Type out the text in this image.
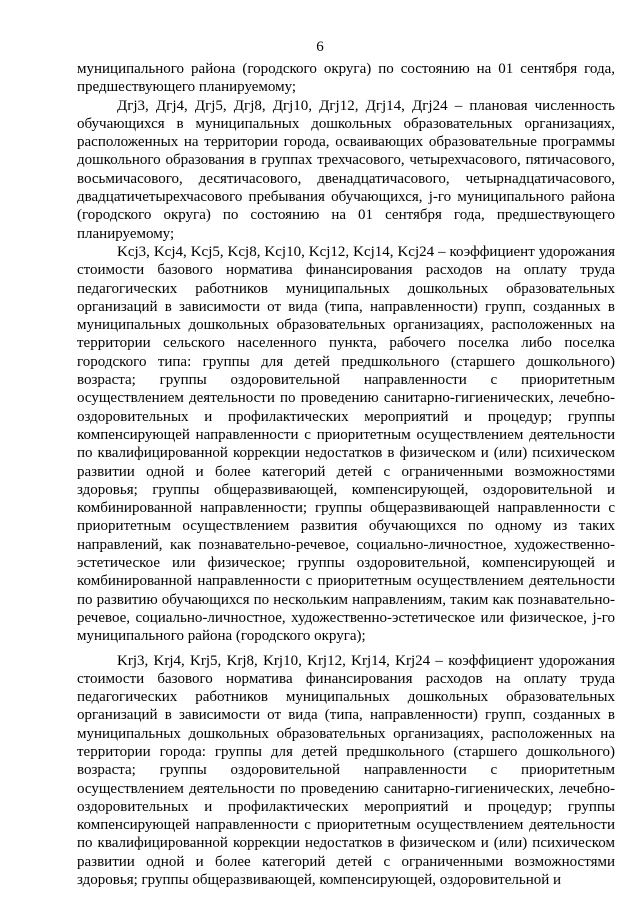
6

муниципального района (городского округа) по состоянию на 01 сентября года, предшествующего планируемому;

Дгj3, Дгj4, Дгj5, Дгj8, Дгj10, Дгj12, Дгj14, Дгj24 – плановая численность обучающихся в муниципальных дошкольных образовательных организациях, расположенных на территории города, осваивающих образовательные программы дошкольного образования в группах трехчасового, четырехчасового, пятичасового, восьмичасового, десятичасового, двенадцатичасового, четырнадцатичасового, двадцатичетырехчасового пребывания обучающихся, j-го муниципального района (городского округа) по состоянию на 01 сентября года, предшествующего планируемому;

Kcj3, Kcj4, Kcj5, Kcj8, Kcj10, Kcj12, Kcj14, Kcj24 – коэффициент удорожания стоимости базового норматива финансирования расходов на оплату труда педагогических работников муниципальных дошкольных образовательных организаций в зависимости от вида (типа, направленности) групп, созданных в муниципальных дошкольных образовательных организациях, расположенных на территории сельского населенного пункта, рабочего поселка либо поселка городского типа: группы для детей предшкольного (старшего дошкольного) возраста; группы оздоровительной направленности с приоритетным осуществлением деятельности по проведению санитарно-гигиенических, лечебно-оздоровительных и профилактических мероприятий и процедур; группы компенсирующей направленности с приоритетным осуществлением деятельности по квалифицированной коррекции недостатков в физическом и (или) психическом развитии одной и более категорий детей с ограниченными возможностями здоровья; группы общеразвивающей, компенсирующей, оздоровительной и комбинированной направленности; группы общеразвивающей направленности с приоритетным осуществлением развития обучающихся по одному из таких направлений, как познавательно-речевое, социально-личностное, художественно-эстетическое или физическое; группы оздоровительной, компенсирующей и комбинированной направленности с приоритетным осуществлением деятельности по развитию обучающихся по нескольким направлениям, таким как познавательно-речевое, социально-личностное, художественно-эстетическое или физическое, j-го муниципального района (городского округа);

Krj3, Krj4, Krj5, Krj8, Krj10, Krj12, Krj14, Krj24 – коэффициент удорожания стоимости базового норматива финансирования расходов на оплату труда педагогических работников муниципальных дошкольных образовательных организаций в зависимости от вида (типа, направленности) групп, созданных в муниципальных дошкольных образовательных организациях, расположенных на территории города: группы для детей предшкольного (старшего дошкольного) возраста; группы оздоровительной направленности с приоритетным осуществлением деятельности по проведению санитарно-гигиенических, лечебно-оздоровительных и профилактических мероприятий и процедур; группы компенсирующей направленности с приоритетным осуществлением деятельности по квалифицированной коррекции недостатков в физическом и (или) психическом развитии одной и более категорий детей с ограниченными возможностями здоровья; группы общеразвивающей, компенсирующей, оздоровительной и
